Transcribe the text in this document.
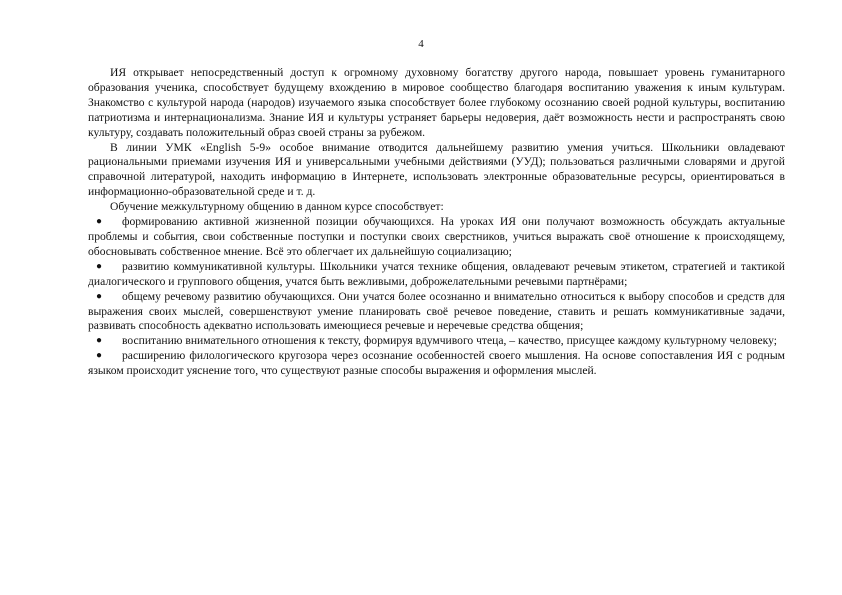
4

ИЯ открывает непосредственный доступ к огромному духовному богатству другого народа, повышает уровень гуманитарного образования ученика, способствует будущему вхождению в мировое сообщество благодаря воспитанию уважения к иным культурам. Знакомство с культурой народа (народов) изучаемого языка способствует более глубокому осознанию своей родной культуры, воспитанию патриотизма и интернационализма. Знание ИЯ и культуры устраняет барьеры недоверия, даёт возможность нести и распространять свою культуру, создавать положительный образ своей страны за рубежом.

В линии УМК «English 5-9» особое внимание отводится дальнейшему развитию умения учиться. Школьники овладевают рациональными приемами изучения ИЯ и универсальными учебными действиями (УУД); пользоваться различными словарями и другой справочной литературой, находить информацию в Интернете, использовать электронные образовательные ресурсы, ориентироваться в информационно-образовательной среде и т. д.

Обучение межкультурному общению в данном курсе способствует:

● формированию активной жизненной позиции обучающихся. На уроках ИЯ они получают возможность обсуждать актуальные проблемы и события, свои собственные поступки и поступки своих сверстников, учиться выражать своё отношение к происходящему, обосновывать собственное мнение. Всё это облегчает их дальнейшую социализацию;

● развитию коммуникативной культуры. Школьники учатся технике общения, овладевают речевым этикетом, стратегией и тактикой диалогического и группового общения, учатся быть вежливыми, доброжелательными речевыми партнёрами;

● общему речевому развитию обучающихся. Они учатся более осознанно и внимательно относиться к выбору способов и средств для выражения своих мыслей, совершенствуют умение планировать своё речевое поведение, ставить и решать коммуникативные задачи, развивать способность адекватно использовать имеющиеся речевые и неречевые средства общения;

● воспитанию внимательного отношения к тексту, формируя вдумчивого чтеца, – качество, присущее каждому культурному человеку;

● расширению филологического кругозора через осознание особенностей своего мышления. На основе сопоставления ИЯ с родным языком происходит уяснение того, что существуют разные способы выражения и оформления мыслей.
